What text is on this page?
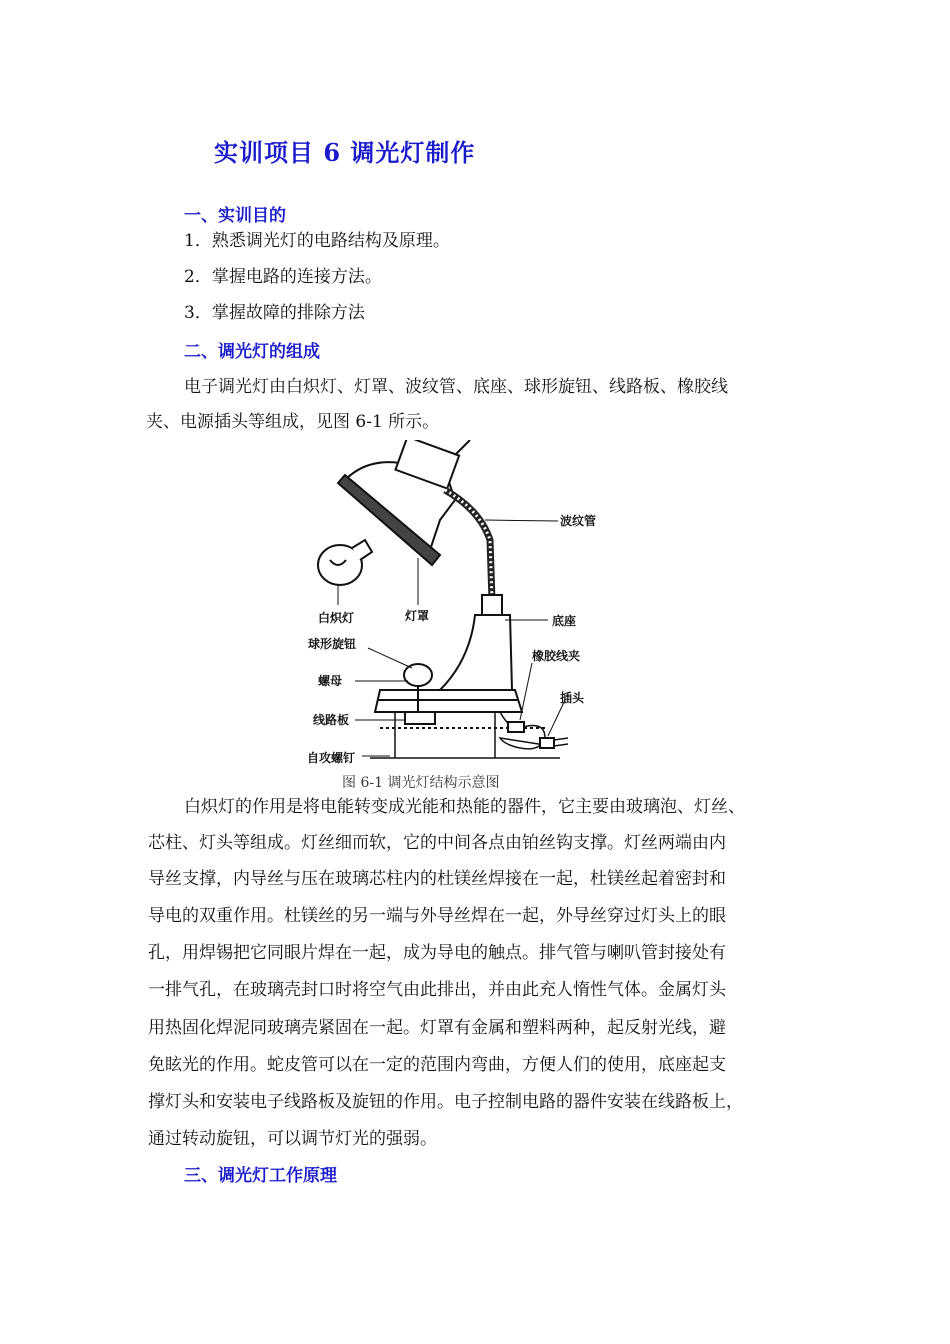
实训项目 6 调光灯制作
一、实训目的
1．熟悉调光灯的电路结构及原理。
2．掌握电路的连接方法。
3．掌握故障的排除方法
二、调光灯的组成
电子调光灯由白炽灯、灯罩、波纹管、底座、球形旋钮、线路板、橡胶线
夹、电源插头等组成，见图 6-1 所示。
波纹管
白炽灯	灯罩	底座
球形旋钮
橡胶线夹
螺母
插头
线路板
自攻螺钉
图 6-1 调光灯结构示意图
白炽灯的作用是将电能转变成光能和热能的器件，它主要由玻璃泡、灯丝、
芯柱、灯头等组成。灯丝细而软，它的中间各点由铂丝钩支撑。灯丝两端由内
导丝支撑，内导丝与压在玻璃芯柱内的杜镁丝焊接在一起，杜镁丝起着密封和
导电的双重作用。杜镁丝的另一端与外导丝焊在一起，外导丝穿过灯头上的眼
孔，用焊锡把它同眼片焊在一起，成为导电的触点。排气管与喇叭管封接处有
一排气孔，在玻璃壳封口时将空气由此排出，并由此充人惰性气体。金属灯头
用热固化焊泥同玻璃壳紧固在一起。灯罩有金属和塑料两种，起反射光线，避
免眩光的作用。蛇皮管可以在一定的范围内弯曲，方便人们的使用，底座起支
撑灯头和安装电子线路板及旋钮的作用。电子控制电路的器件安装在线路板上，
通过转动旋钮，可以调节灯光的强弱。
三、调光灯工作原理
